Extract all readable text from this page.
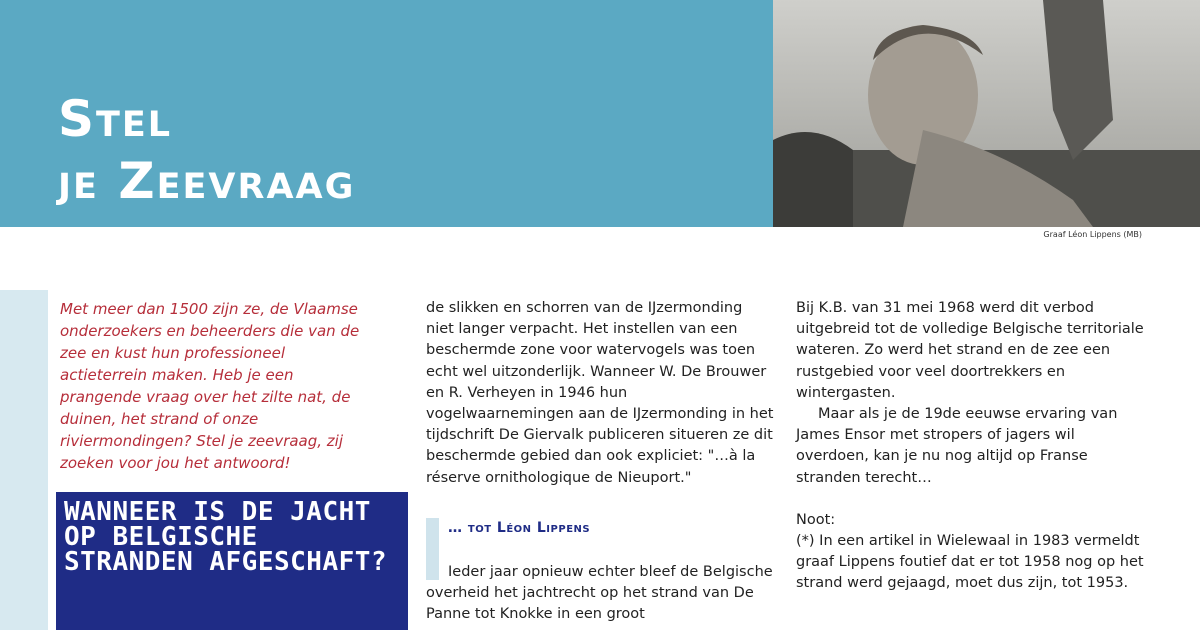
Stel
je Zeevraag
Graaf Léon Lippens (MB)
Met meer dan 1500 zijn ze, de Vlaamse onderzoekers en beheerders die van de zee en kust hun professioneel actieterrein maken. Heb je een prangende vraag over het zilte nat, de duinen, het strand of onze riviermondingen? Stel je zeevraag, zij zoeken voor jou het antwoord!
WANNEER IS DE JACHT OP BELGISCHE STRANDEN AFGESCHAFT?

de slikken en schorren van de IJzermonding niet langer verpacht. Het instellen van een beschermde zone voor watervogels was toen echt wel uitzonderlijk. Wanneer W. De Brouwer en R. Verheyen in 1946 hun vogelwaarnemingen aan de IJzermonding in het tijdschrift De Giervalk publiceren situeren ze dit beschermde gebied dan ook expliciet: "…à la réserve ornithologique de Nieuport."

… tot Léon Lippens

Ieder jaar opnieuw echter bleef de Belgische overheid het jachtrecht op het strand van De Panne tot Knokke in een groot

Bij K.B. van 31 mei 1968 werd dit verbod uitgebreid tot de volledige Belgische territoriale wateren. Zo werd het strand en de zee een rustgebied voor veel doortrekkers en wintergasten.

Maar als je de 19de eeuwse ervaring van James Ensor met stropers of jagers wil overdoen, kan je nu nog altijd op Franse stranden terecht…

Noot:

(*) In een artikel in Wielewaal in 1983 vermeldt graaf Lippens foutief dat er tot 1958 nog op het strand werd gejaagd, moet dus zijn, tot 1953.
